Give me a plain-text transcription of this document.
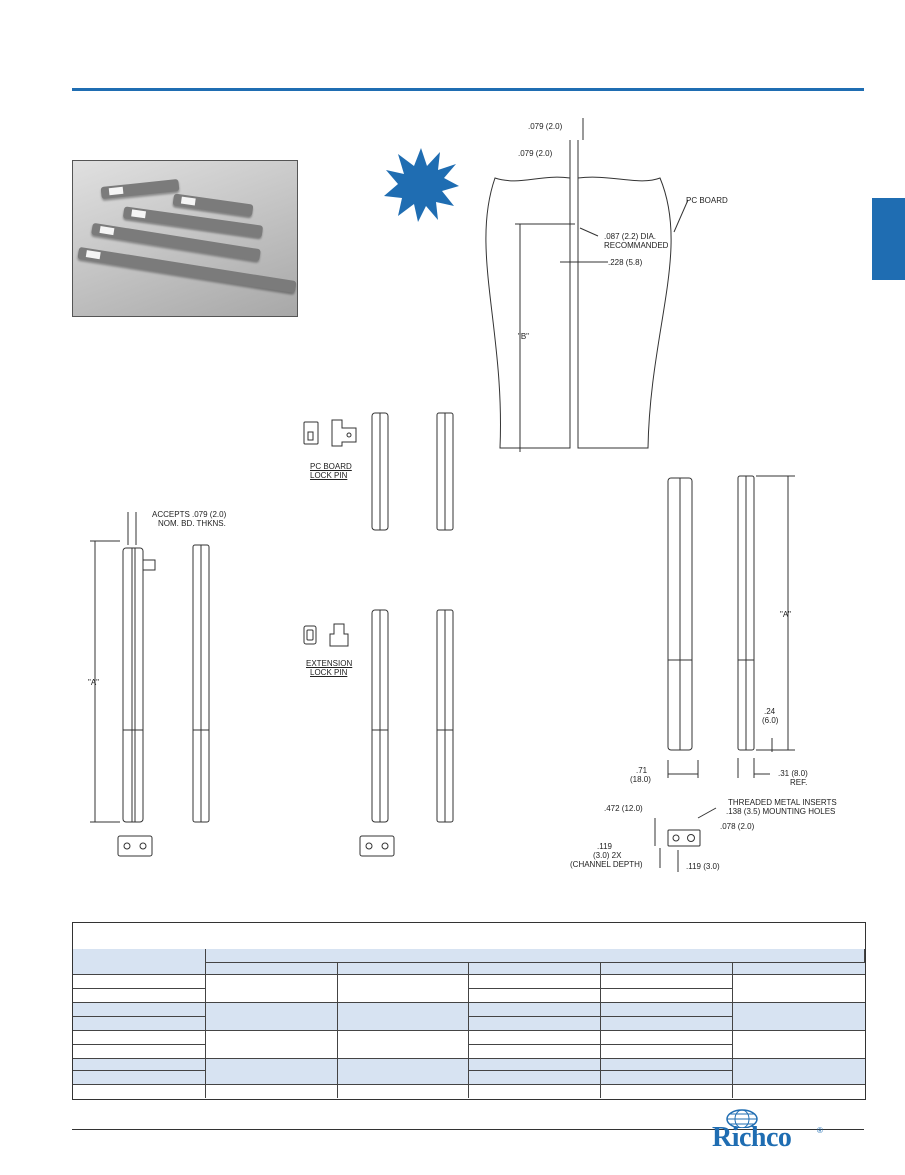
.079 (2.0)
.079 (2.0)
.087 (2.2) DIA.
RECOMMANDED
.228 (5.8)
PC BOARD
"B"
ACCEPTS .079 (2.0)
NOM. BD. THKNS.
"A"
PC BOARD
LOCK PIN
EXTENSION
LOCK PIN
"A"
.24
(6.0)
.71
(18.0)
.31 (8.0)
REF.
THREADED METAL INSERTS
.138 (3.5) MOUNTING HOLES
.472 (12.0)
.078 (2.0)
.119
(3.0) 2X
(CHANNEL DEPTH)	.119 (3.0)
Richco	®
